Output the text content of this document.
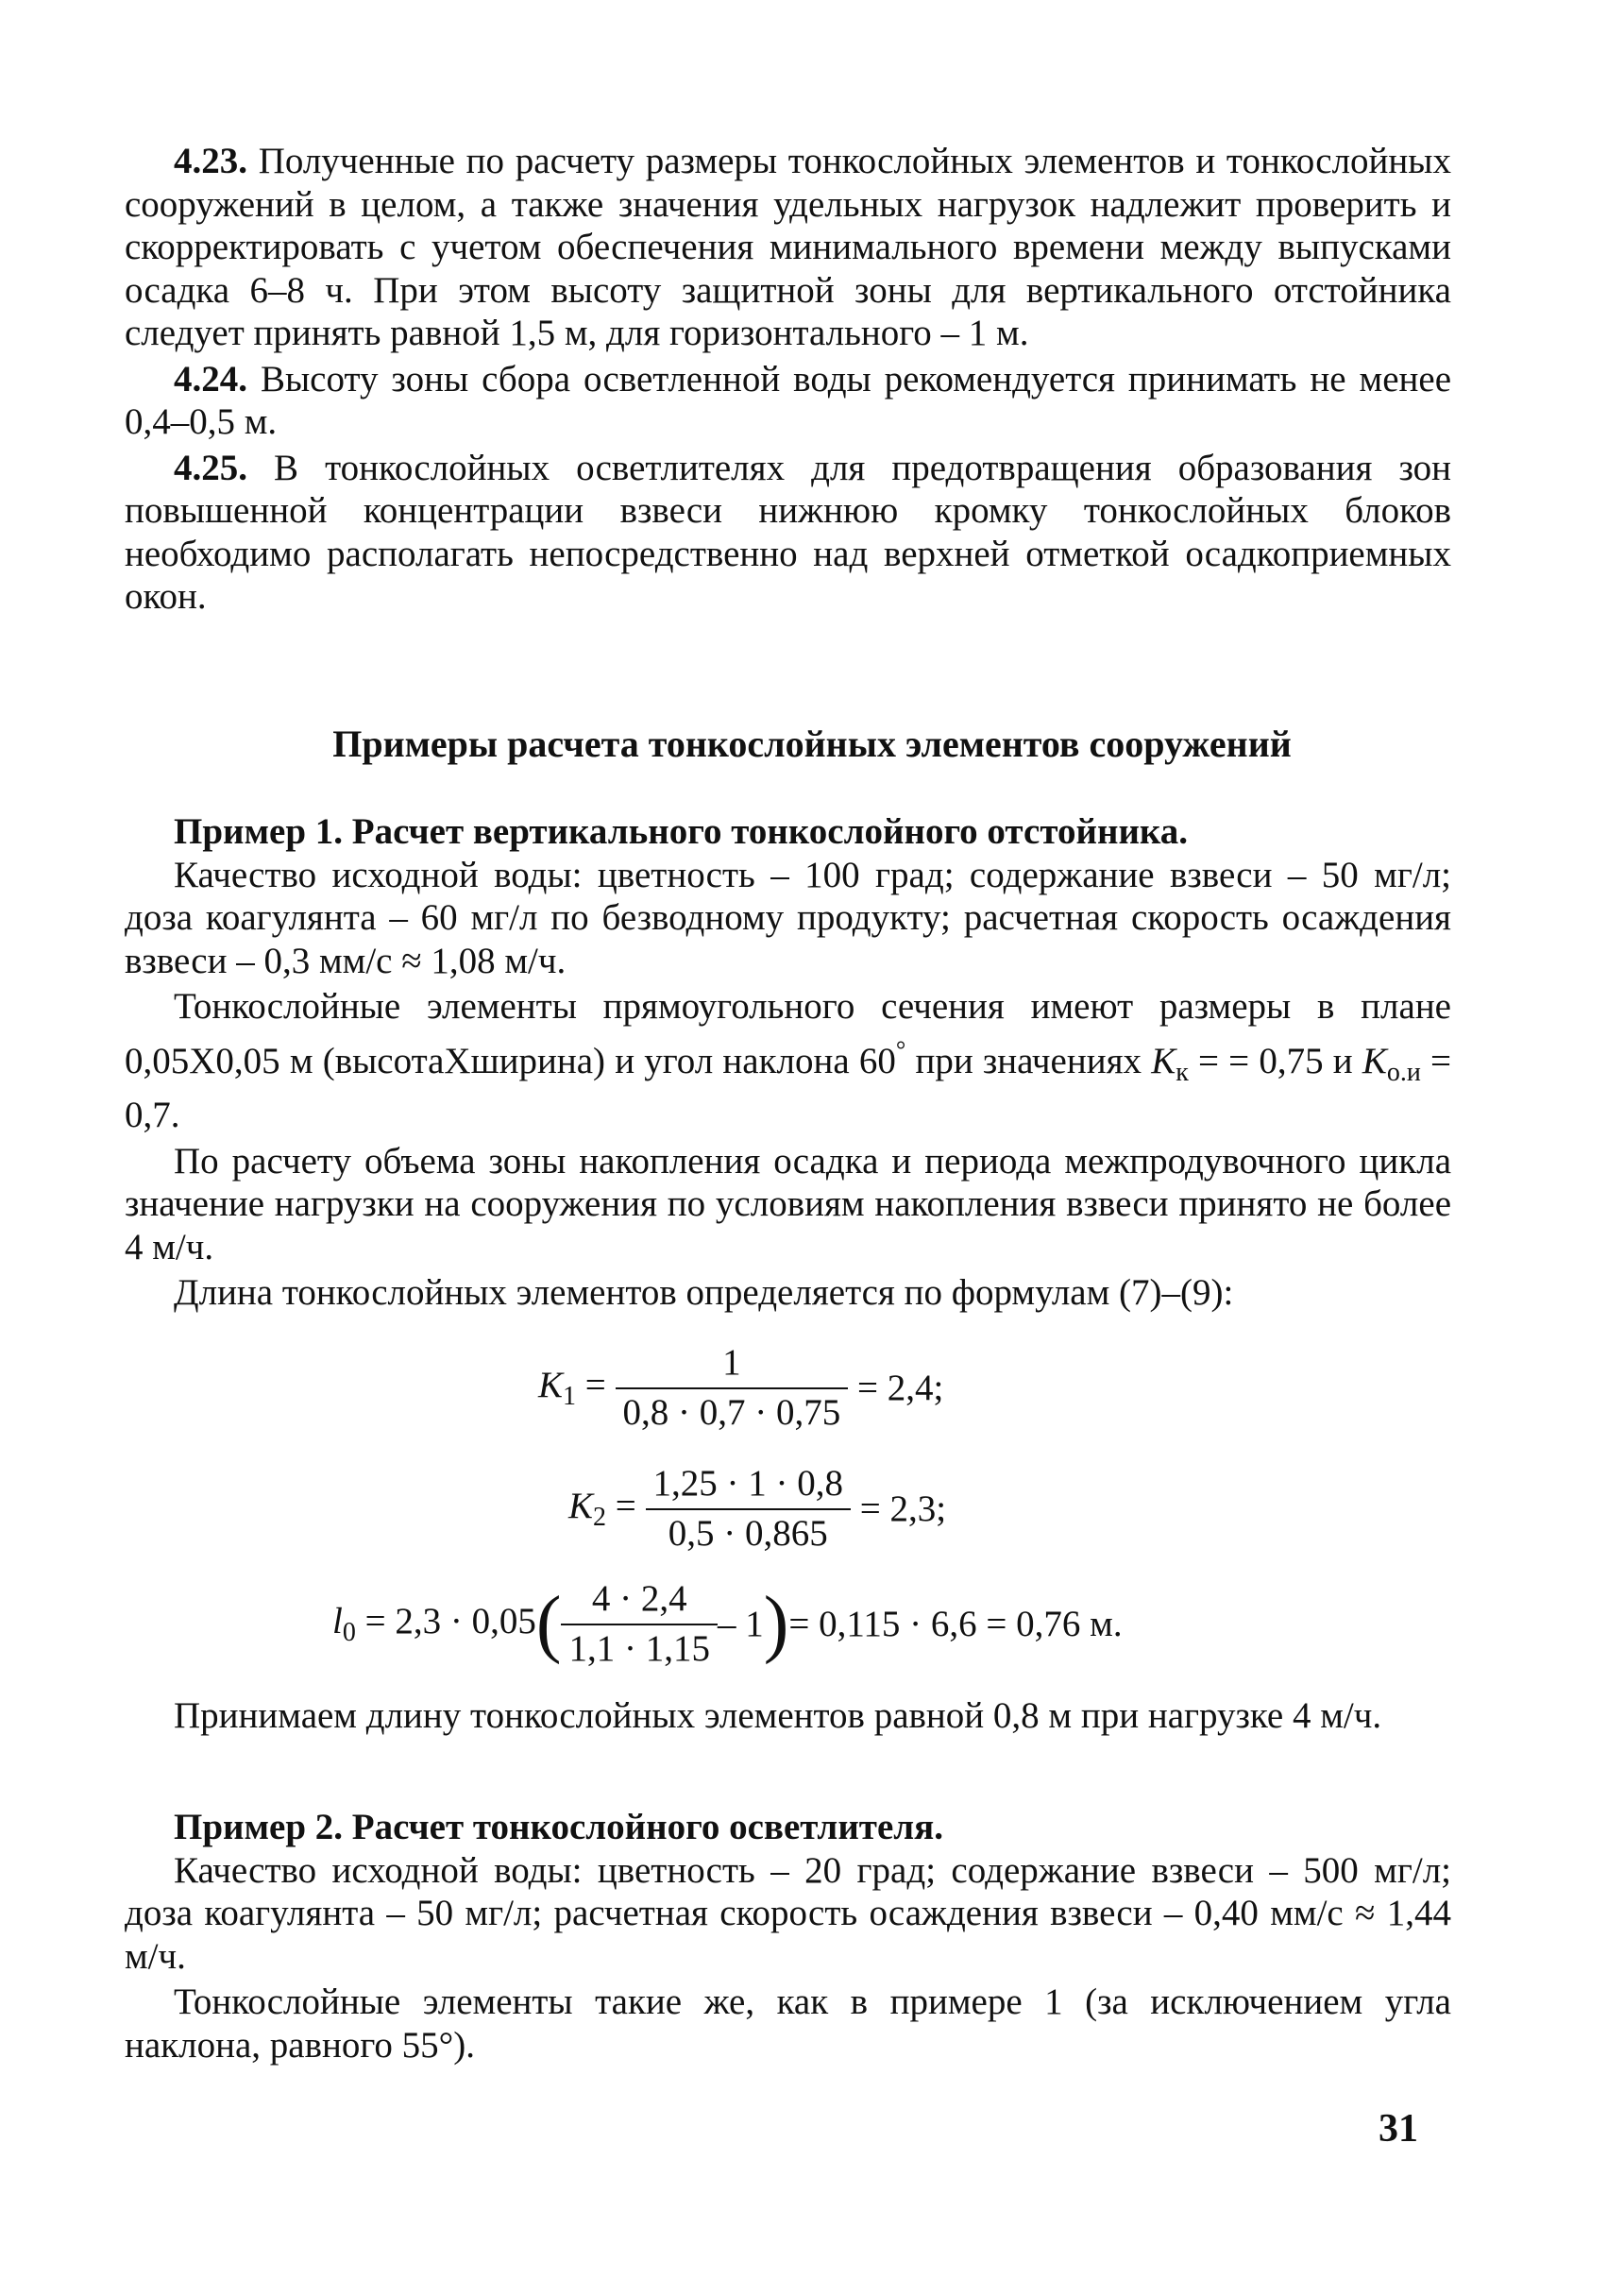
4.23. Полученные по расчету размеры тонкослойных элементов и тонкослойных сооружений в целом, а также значения удельных нагрузок надлежит проверить и скорректировать с учетом обеспечения минимального времени между выпусками осадка 6–8 ч. При этом высоту защитной зоны для вертикального отстойника следует принять равной 1,5 м, для горизонтального – 1 м.

4.24. Высоту зоны сбора осветленной воды рекомендуется принимать не менее 0,4–0,5 м.

4.25. В тонкослойных осветлителях для предотвращения образования зон повышенной концентрации взвеси нижнюю кромку тонкослойных блоков необходимо располагать непосредственно над верхней отметкой осадкоприемных окон.

Примеры расчета тонкослойных элементов сооружений

Пример 1. Расчет вертикального тонкослойного отстойника.

Качество исходной воды: цветность – 100 град; содержание взвеси – 50 мг/л; доза коагулянта – 60 мг/л по безводному продукту; расчетная скорость осаждения взвеси – 0,3 мм/с ≈ 1,08 м/ч.

Тонкослойные элементы прямоугольного сечения имеют размеры в плане 0,05Х0,05 м (высотаХширина) и угол наклона 60° при значениях $K_к$ = = 0,75 и $K_{о.и} = 0,7$.

По расчету объема зоны накопления осадка и периода межпродувочного цикла значение нагрузки на сооружения по условиям накопления взвеси принято не более 4 м/ч.

Длина тонкослойных элементов определяется по формулам (7)–(9):

$K_1 = \frac{1}{0,8 \cdot 0,7 \cdot 0,75} = 2,4$;
$K_2 = \frac{1,25 \cdot 1 \cdot 0,8}{0,5 \cdot 0,865} = 2,3$;
$l_0 = 2,3 \cdot 0,05( \frac{4 \cdot 2,4}{1,1 \cdot 1,15} - 1)= 0,115 \cdot 6,6 = 0,76$ м.

Принимаем длину тонкослойных элементов равной 0,8 м при нагрузке 4 м/ч.

Пример 2. Расчет тонкослойного осветлителя.

Качество исходной воды: цветность – 20 град; содержание взвеси – 500 мг/л; доза коагулянта – 50 мг/л; расчетная скорость осаждения взвеси – 0,40 мм/с ≈ 1,44 м/ч.

Тонкослойные элементы такие же, как в примере 1 (за исключением угла наклона, равного 55°).

31
